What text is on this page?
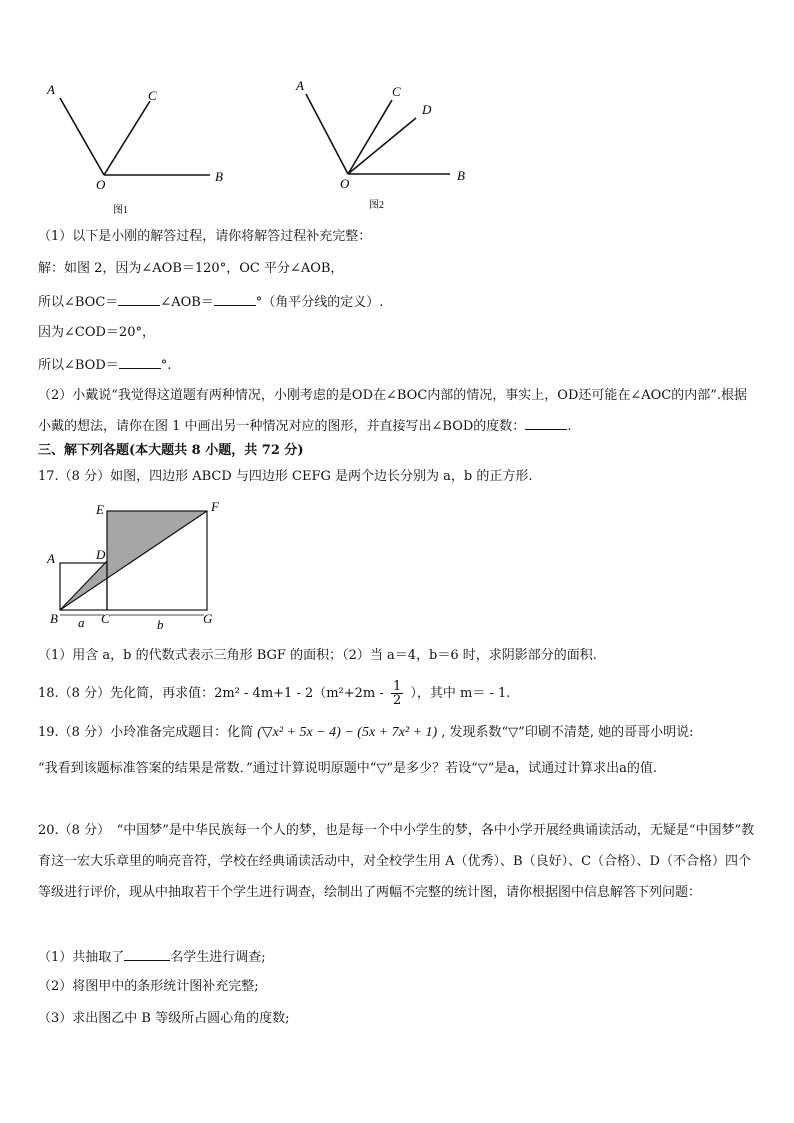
A	C
O
B
图1
A	C
D
O
B
图2
（1）以下是小刚的解答过程，请你将解答过程补充完整：
解：如图 2，因为∠AOB＝120°，OC 平分∠AOB，
所以∠BOC＝	∠AOB＝	°（角平分线的定义）.
因为∠COD＝20°，
所以∠BOD＝	°.
（2）小戴说“我觉得这道题有两种情况，小刚考虑的是OD在∠BOC内部的情况，事实上，OD还可能在∠AOC的内部”.根据小戴的想法，请你在图 1 中画出另一种情况对应的图形，并直接写出∠BOD的度数：	.
三、解下列各题(本大题共 8 小题，共 72 分)
17.（8 分）如图，四边形 ABCD 与四边形 CEFG 是两个边长分别为 a，b 的正方形.
E	F
A	D
B	C	G
a	b
（1）用含 a，b 的代数式表示三角形 BGF 的面积；（2）当 a＝4，b＝6 时，求阴影部分的面积.
18.（8 分）先化简，再求值：$2m^2 - 4m+1 - 2(m^2+2m - \frac{1}{2}$ ），其中 m＝ - 1.
19.（8 分）小玲准备完成题目：化简 (▽x² + 5x − 4) − (5x + 7x² + 1) , 发现系数“▽”印刷不清楚, 她的哥哥小明说:
“我看到该题标准答案的结果是常数．”通过计算说明原题中“▽”是多少？若设“▽”是a，试通过计算求出a的值.
20.（8 分）　“中国梦”是中华民族每一个人的梦，也是每一个中小学生的梦，各中小学开展经典诵读活动，无疑是“中国梦”教育这一宏大乐章里的响亮音符，学校在经典诵读活动中，对全校学生用 A（优秀）、B（良好）、C（合格）、D（不合格）四个等级进行评价，现从中抽取若干个学生进行调查，绘制出了两幅不完整的统计图，请你根据图中信息解答下列问题：
（1）共抽取了	名学生进行调查;
（2）将图甲中的条形统计图补充完整;
（3）求出图乙中 B 等级所占圆心角的度数;
